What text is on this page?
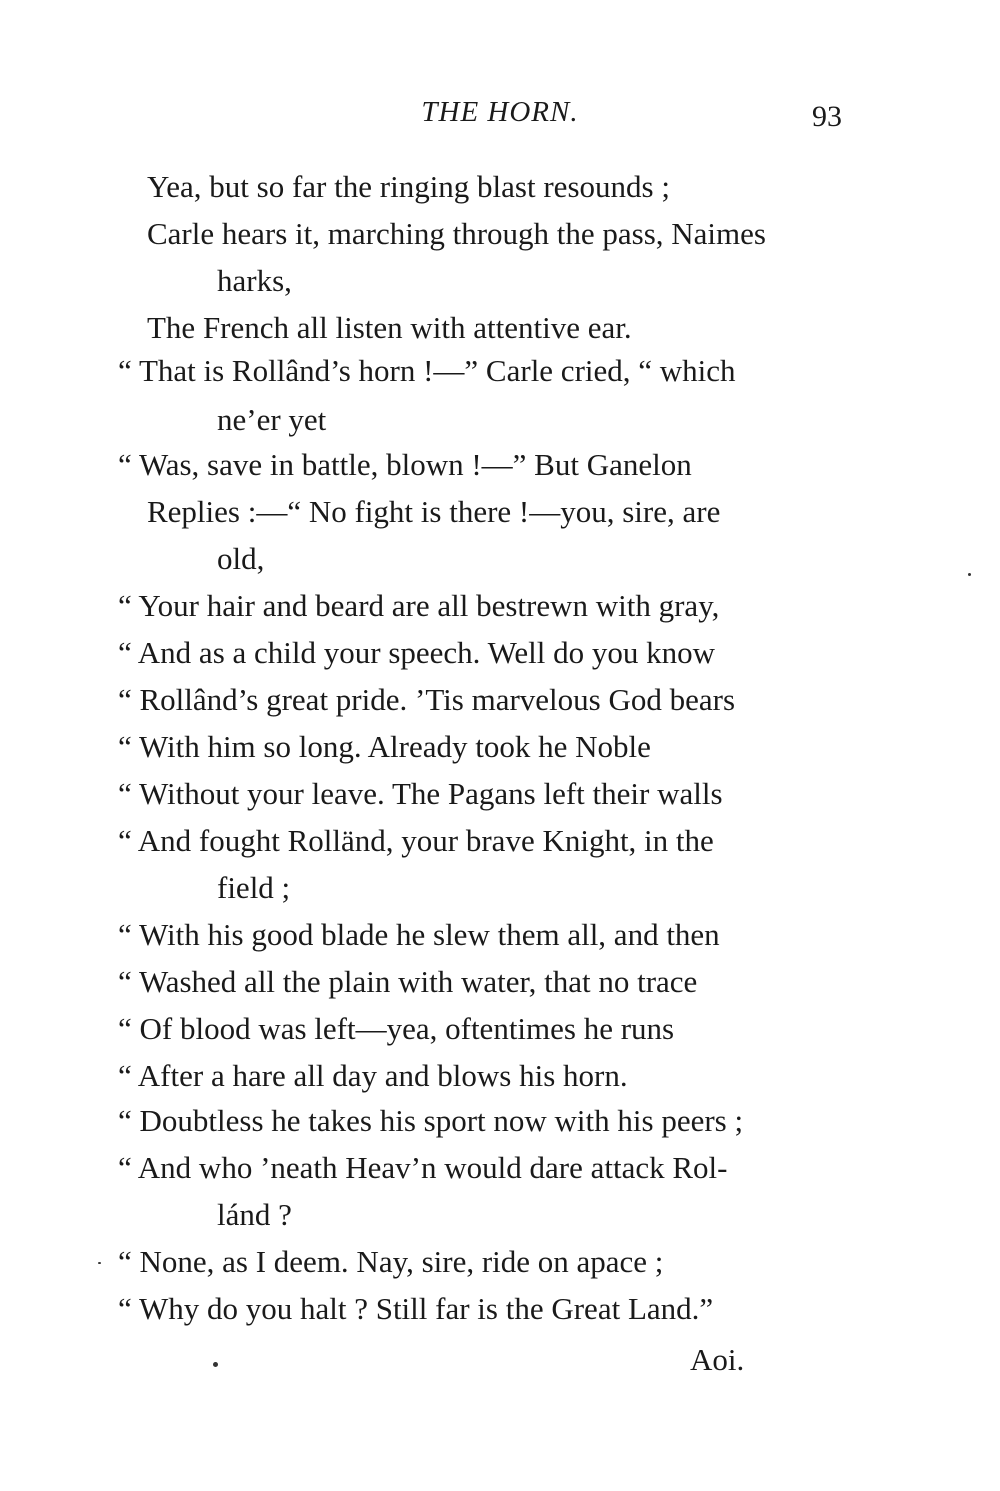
THE HORN.	93
Yea, but so far the ringing blast resounds ;
Carle hears it, marching through the pass, Naimes
harks,
The French all listen with attentive ear.
“ That is Rollând’s horn !—” Carle cried, “ which
ne’er yet
“ Was, save in battle, blown !—” But Ganelon
Replies :—“ No fight is there !—you, sire, are
old,
“ Your hair and beard are all bestrewn with gray,
“ And as a child your speech. Well do you know
“ Rollând’s great pride. ’Tis marvelous God bears
“ With him so long. Already took he Noble
“ Without your leave. The Pagans left their walls
“ And fought Rolländ, your brave Knight, in the
field ;
“ With his good blade he slew them all, and then
“ Washed all the plain with water, that no trace
“ Of blood was left—yea, oftentimes he runs
“ After a hare all day and blows his horn.
“ Doubtless he takes his sport now with his peers ;
“ And who ’neath Heav’n would dare attack Rol-
lánd ?
“ None, as I deem. Nay, sire, ride on apace ;
“ Why do you halt ? Still far is the Great Land.”
Aoi.
